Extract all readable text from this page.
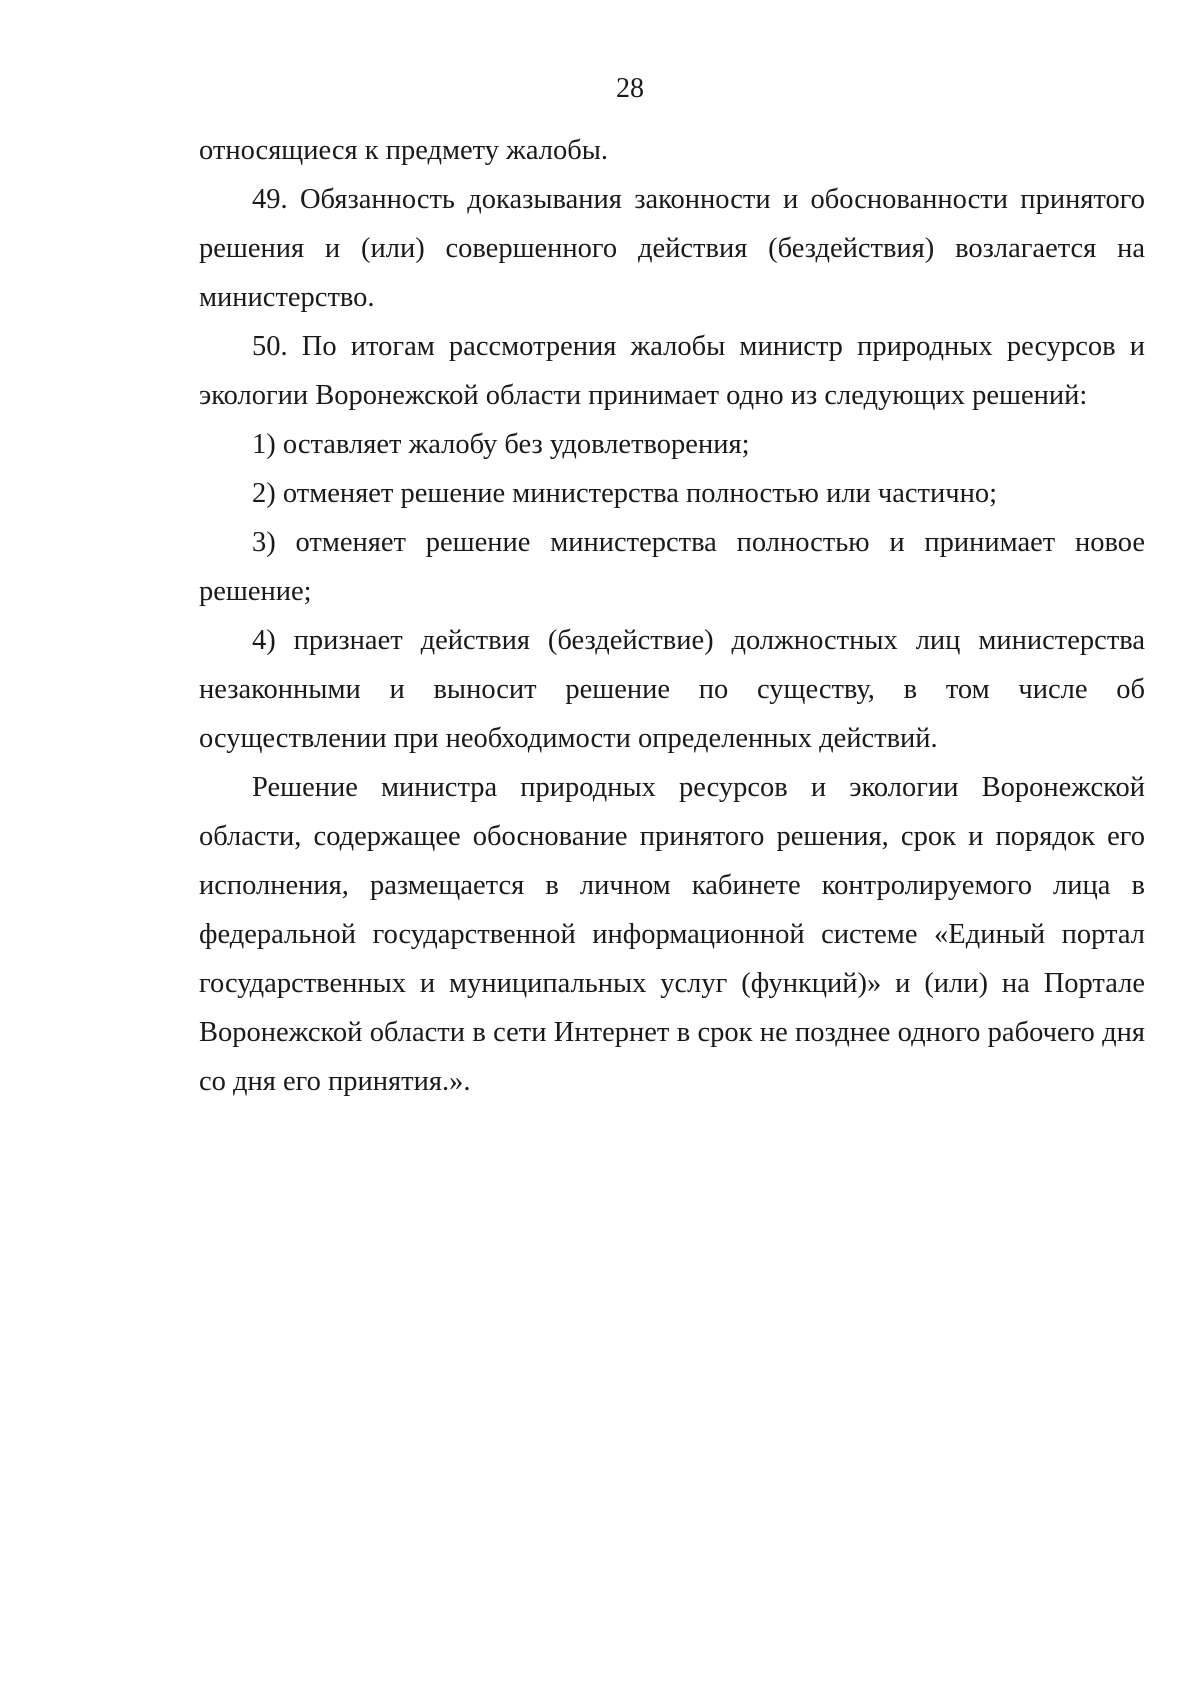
28

относящиеся к предмету жалобы.

49. Обязанность доказывания законности и обоснованности принятого решения и (или) совершенного действия (бездействия) возлагается на министерство.

50. По итогам рассмотрения жалобы министр природных ресурсов и экологии Воронежской области принимает одно из следующих решений:

1) оставляет жалобу без удовлетворения;

2) отменяет решение министерства полностью или частично;

3) отменяет решение министерства полностью и принимает новое решение;

4) признает действия (бездействие) должностных лиц министерства незаконными и выносит решение по существу, в том числе об осуществлении при необходимости определенных действий.

Решение министра природных ресурсов и экологии Воронежской области, содержащее обоснование принятого решения, срок и порядок его исполнения, размещается в личном кабинете контролируемого лица в федеральной государственной информационной системе «Единый портал государственных и муниципальных услуг (функций)» и (или) на Портале Воронежской области в сети Интернет в срок не позднее одного рабочего дня со дня его принятия.».
